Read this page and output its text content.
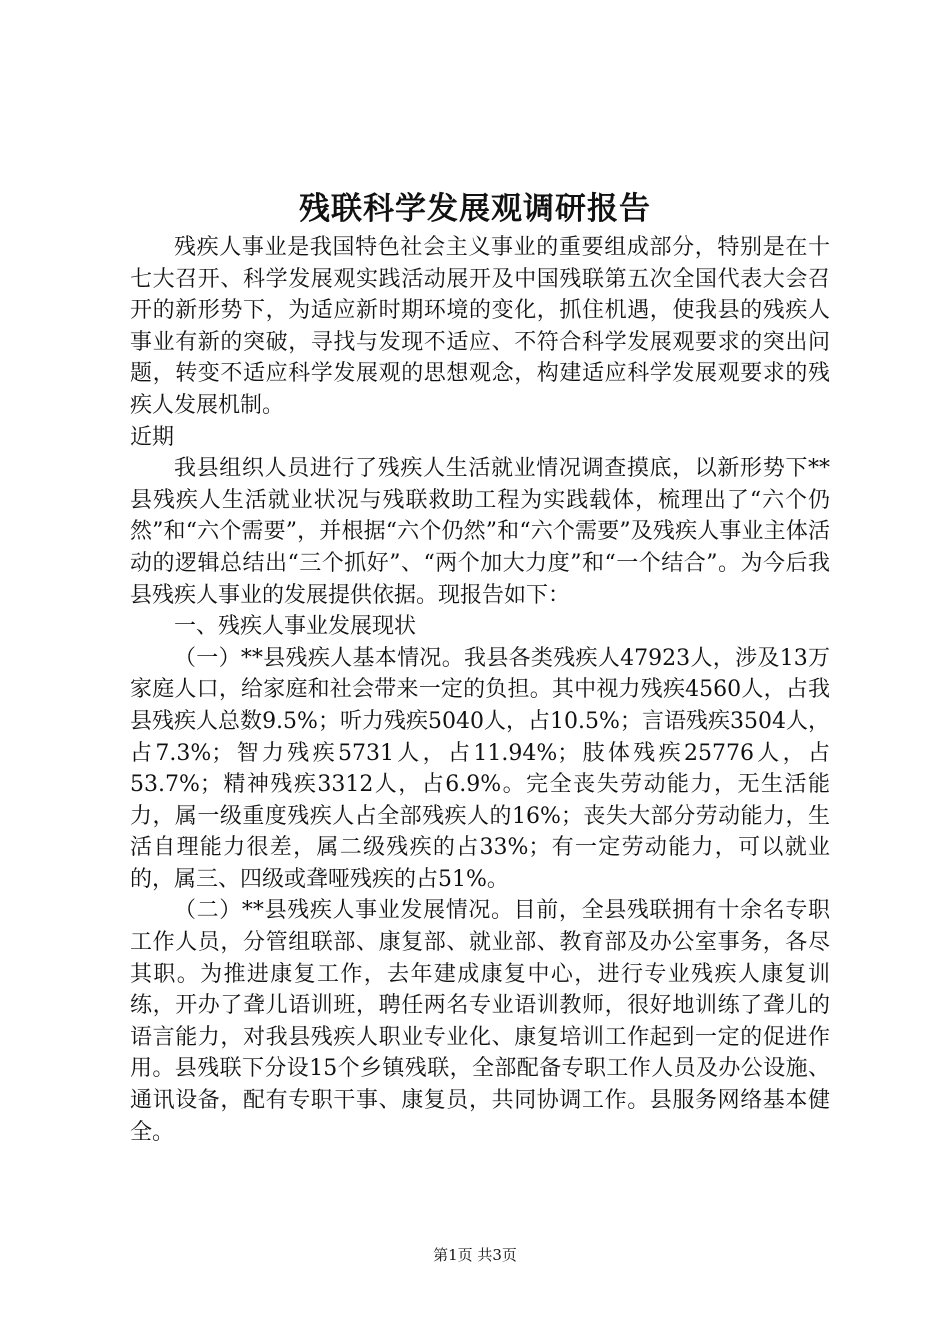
残联科学发展观调研报告

残疾人事业是我国特色社会主义事业的重要组成部分，特别是在十七大召开、科学发展观实践活动展开及中国残联第五次全国代表大会召开的新形势下，为适应新时期环境的变化，抓住机遇，使我县的残疾人事业有新的突破，寻找与发现不适应、不符合科学发展观要求的突出问题，转变不适应科学发展观的思想观念，构建适应科学发展观要求的残疾人发展机制。

近期

我县组织人员进行了残疾人生活就业情况调查摸底，以新形势下**县残疾人生活就业状况与残联救助工程为实践载体，梳理出了“六个仍然”和“六个需要”，并根据“六个仍然”和“六个需要”及残疾人事业主体活动的逻辑总结出“三个抓好”、“两个加大力度”和“一个结合”。为今后我县残疾人事业的发展提供依据。现报告如下：

一、残疾人事业发展现状

（一）**县残疾人基本情况。我县各类残疾人47923人，涉及13万家庭人口，给家庭和社会带来一定的负担。其中视力残疾4560人，占我县残疾人总数9.5%；听力残疾5040人，占10.5%；言语残疾3504人，占7.3%；智力残疾5731人，占11.94%；肢体残疾25776人，占53.7%；精神残疾3312人，占6.9%。完全丧失劳动能力，无生活能力，属一级重度残疾人占全部残疾人的16%；丧失大部分劳动能力，生活自理能力很差，属二级残疾的占33%；有一定劳动能力，可以就业的，属三、四级或聋哑残疾的占51%。

（二）**县残疾人事业发展情况。目前，全县残联拥有十余名专职工作人员，分管组联部、康复部、就业部、教育部及办公室事务，各尽其职。为推进康复工作，去年建成康复中心，进行专业残疾人康复训练，开办了聋儿语训班，聘任两名专业语训教师，很好地训练了聋儿的语言能力，对我县残疾人职业专业化、康复培训工作起到一定的促进作用。县残联下分设15个乡镇残联，全部配备专职工作人员及办公设施、通讯设备，配有专职干事、康复员，共同协调工作。县服务网络基本健全。

第1页 共3页
